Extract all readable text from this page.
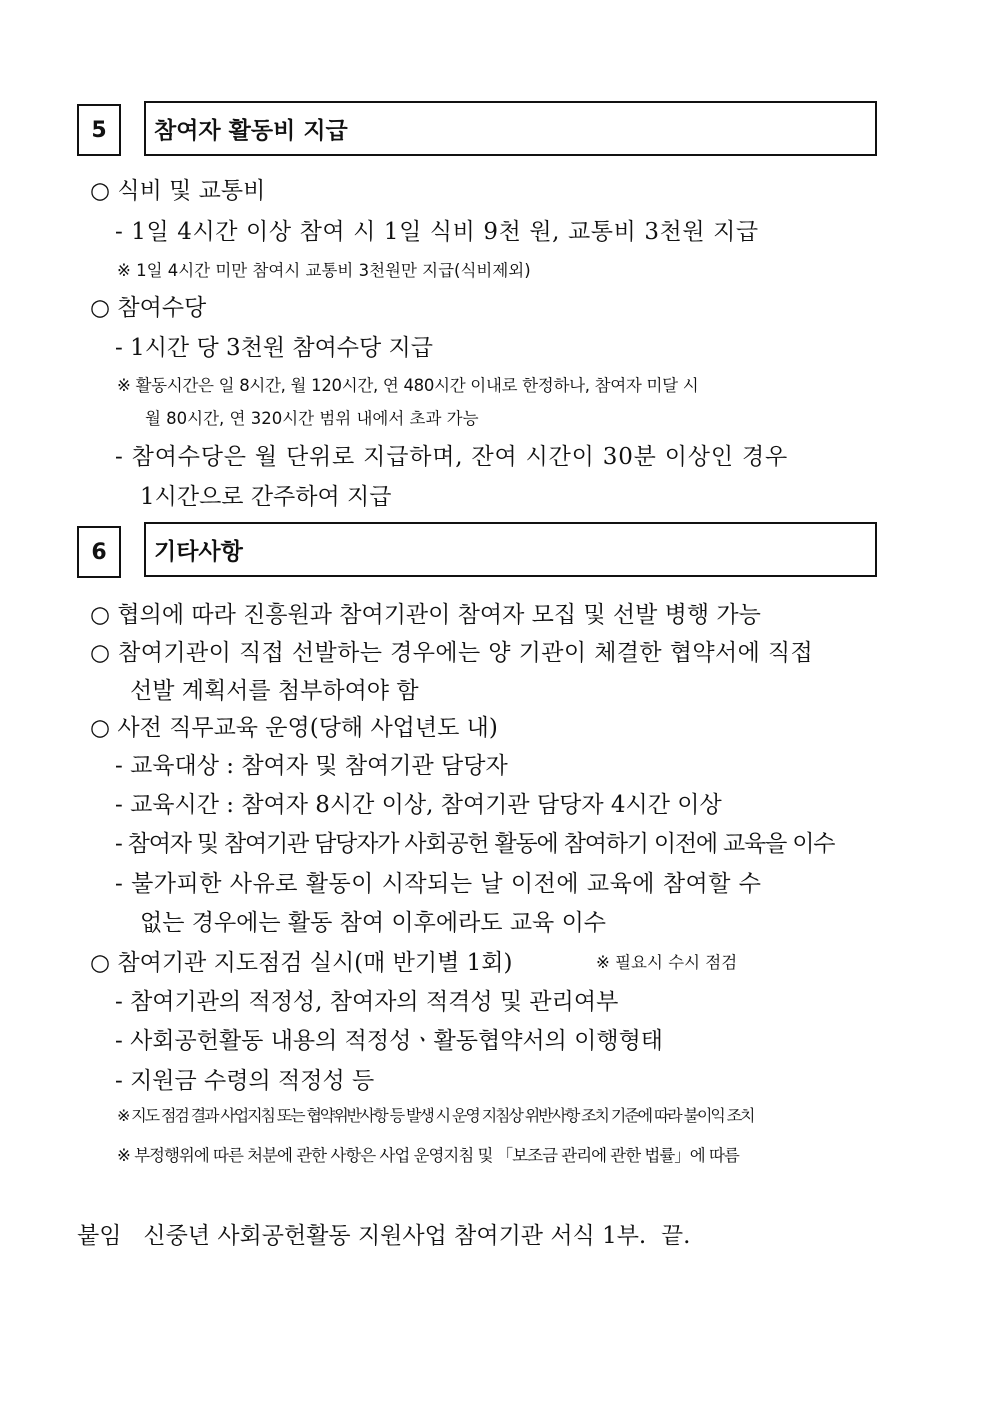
5	참여자 활동비 지급
○ 식비 및 교통비
- 1일 4시간 이상 참여 시 1일 식비 9천 원, 교통비 3천원 지급
※ 1일 4시간 미만 참여시 교통비 3천원만 지급(식비제외)
○ 참여수당
- 1시간 당 3천원 참여수당 지급
※ 활동시간은 일 8시간, 월 120시간, 연 480시간 이내로 한정하나, 참여자 미달 시
월 80시간, 연 320시간 범위 내에서 초과 가능
- 참여수당은 월 단위로 지급하며, 잔여 시간이 30분 이상인 경우
1시간으로 간주하여 지급
6	기타사항
○ 협의에 따라 진흥원과 참여기관이 참여자 모집 및 선발 병행 가능
○ 참여기관이 직접 선발하는 경우에는 양 기관이 체결한 협약서에 직접
선발 계획서를 첨부하여야 함
○ 사전 직무교육 운영(당해 사업년도 내)
- 교육대상 : 참여자 및 참여기관 담당자
- 교육시간 : 참여자 8시간 이상, 참여기관 담당자 4시간 이상
- 참여자 및 참여기관 담당자가 사회공헌 활동에 참여하기 이전에 교육을 이수
- 불가피한 사유로 활동이 시작되는 날 이전에 교육에 참여할 수
없는 경우에는 활동 참여 이후에라도 교육 이수
○ 참여기관 지도점검 실시(매 반기별 1회)	※ 필요시 수시 점검
- 참여기관의 적정성, 참여자의 적격성 및 관리여부
- 사회공헌활동 내용의 적정성ㆍ활동협약서의 이행형태
- 지원금 수령의 적정성 등
※ 지도 점검 결과 사업지침 또는 협약위반사항 등 발생 시 운영 지침상 위반사항 조치 기준에 따라 불이익 조치
※ 부정행위에 따른 처분에 관한 사항은 사업 운영지침 및 「보조금 관리에 관한 법률」에 따름
붙임   신중년 사회공헌활동 지원사업 참여기관 서식 1부.  끝.
